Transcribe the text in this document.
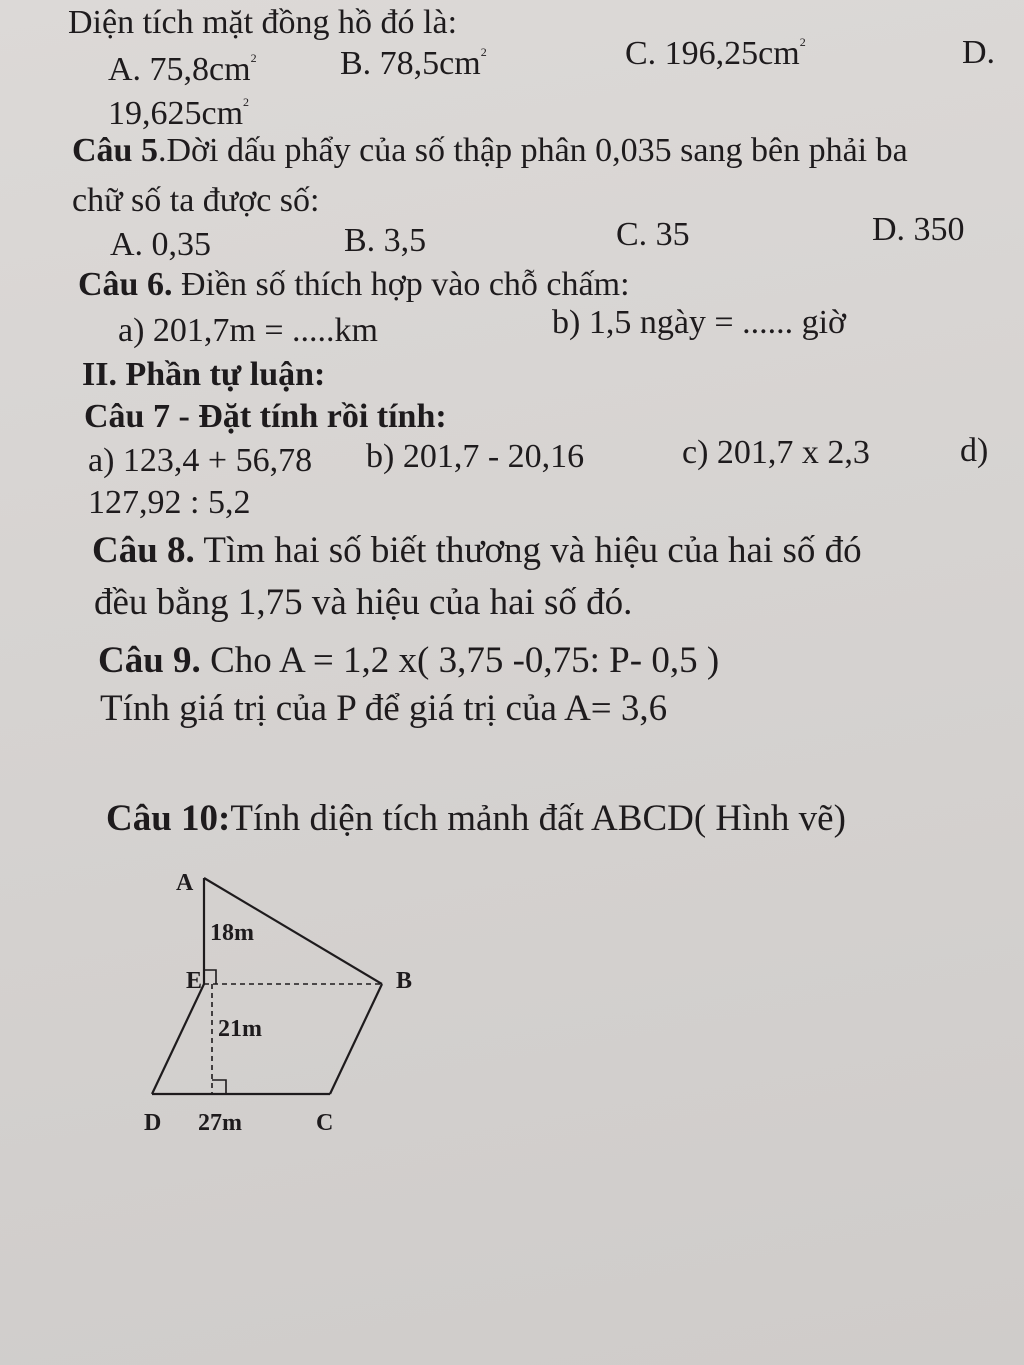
Diện tích mặt đồng hồ đó là:
A. $75,8cm^2$ B. $78,5cm^2$	C. $196,25cm^2$	D.
$19,625cm^2$
Câu 5.Dời dấu phẩy của số thập phân 0,035 sang bên phải ba
chữ số ta được số:
A. 0,35	B. 3,5	C. 35	D. 350
Câu 6. Điền số thích hợp vào chỗ chấm:
a) 201,7m = .....km	b) 1,5 ngày = ...... giờ
II. Phần tự luận:
Câu 7 - Đặt tính rồi tính:
a) 123,4 + 56,78 b) 201,7 - 20,16	c) 201,7 x 2,3	d)
127,92 : 5,2
Câu 8. Tìm hai số biết thương và hiệu của hai số đó
đều bằng 1,75 và hiệu của hai số đó.
Câu 9. Cho A = 1,2 x( 3,75 -0,75: P- 0,5 )
Tính giá trị của P để giá trị của A= 3,6
Câu 10:Tính diện tích mảnh đất ABCD( Hình vẽ)
A
E	B
D	C
18m
21m
27m
